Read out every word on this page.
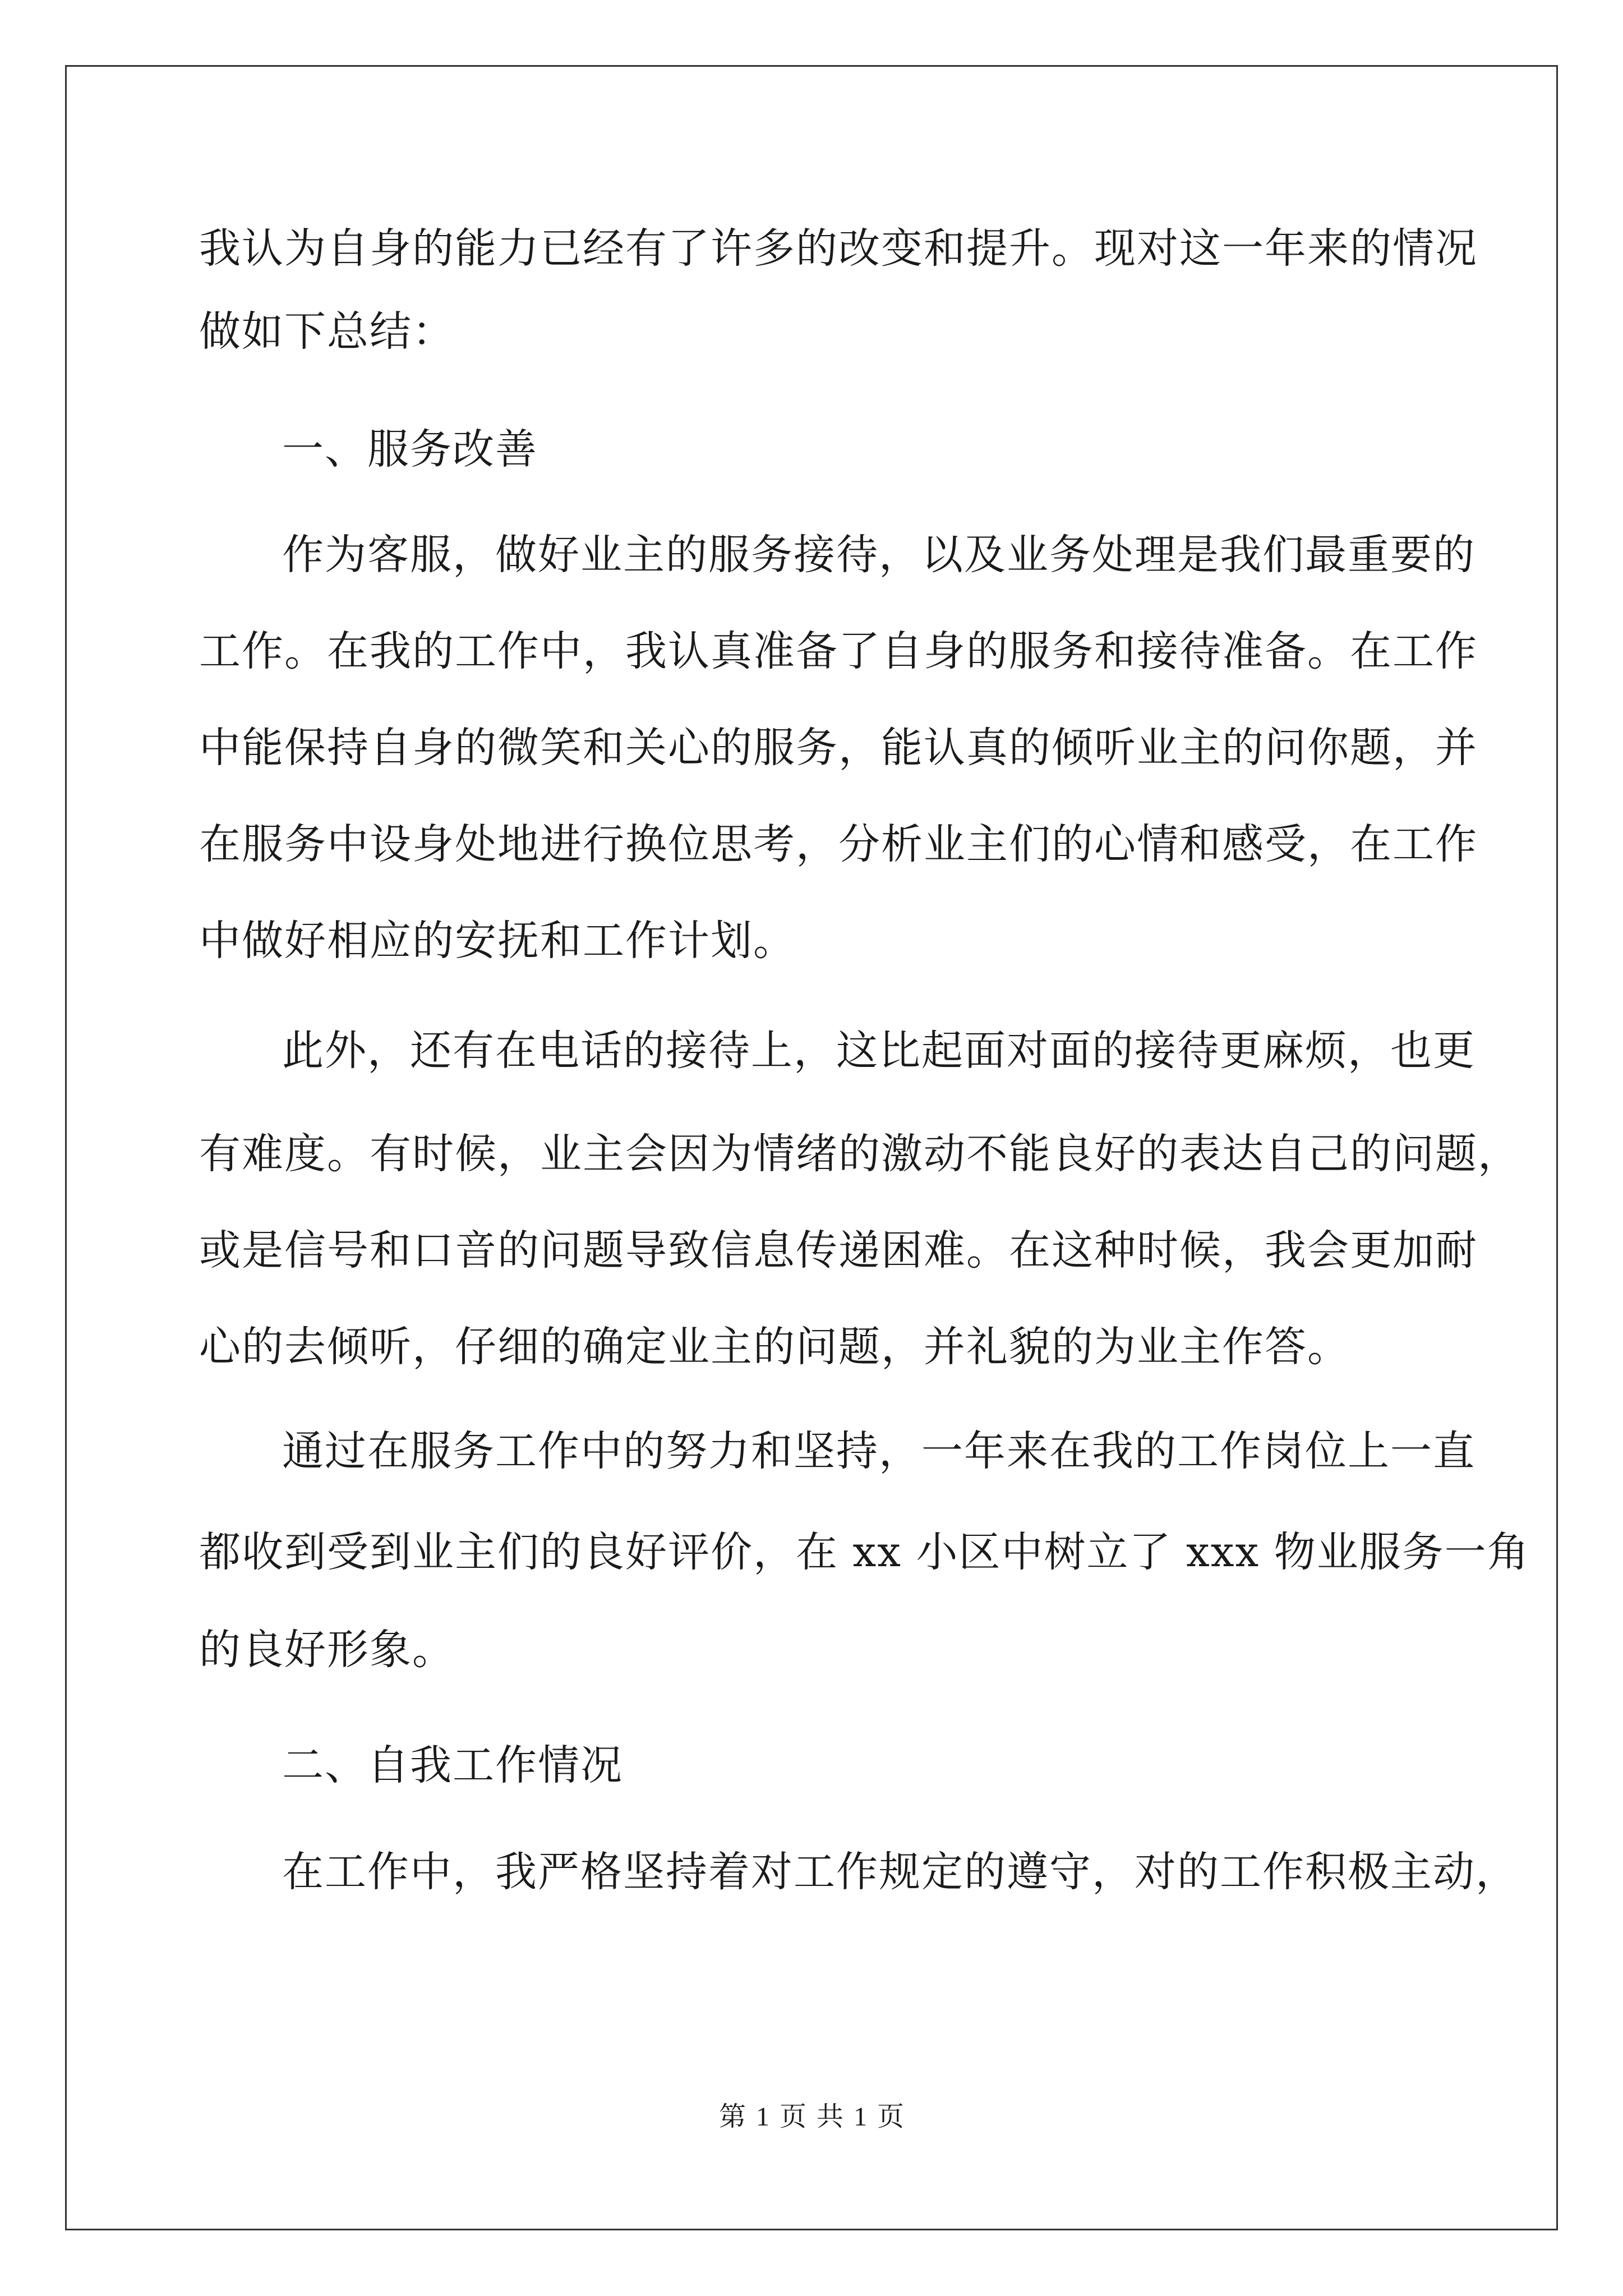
我认为自身的能力已经有了许多的改变和提升。现对这一年来的情况
做如下总结：
一、服务改善
作为客服，做好业主的服务接待，以及业务处理是我们最重要的
工作。在我的工作中，我认真准备了自身的服务和接待准备。在工作
中能保持自身的微笑和关心的服务，能认真的倾听业主的问你题，并
在服务中设身处地进行换位思考，分析业主们的心情和感受，在工作
中做好相应的安抚和工作计划。
此外，还有在电话的接待上，这比起面对面的接待更麻烦，也更
有难度。有时候，业主会因为情绪的激动不能良好的表达自己的问题，
或是信号和口音的问题导致信息传递困难。在这种时候，我会更加耐
心的去倾听，仔细的确定业主的问题，并礼貌的为业主作答。
通过在服务工作中的努力和坚持，一年来在我的工作岗位上一直
都收到受到业主们的良好评价，在 xx 小区中树立了 xxx 物业服务一角
的良好形象。
二、自我工作情况
在工作中，我严格坚持着对工作规定的遵守，对的工作积极主动，
第 1 页 共 1 页
